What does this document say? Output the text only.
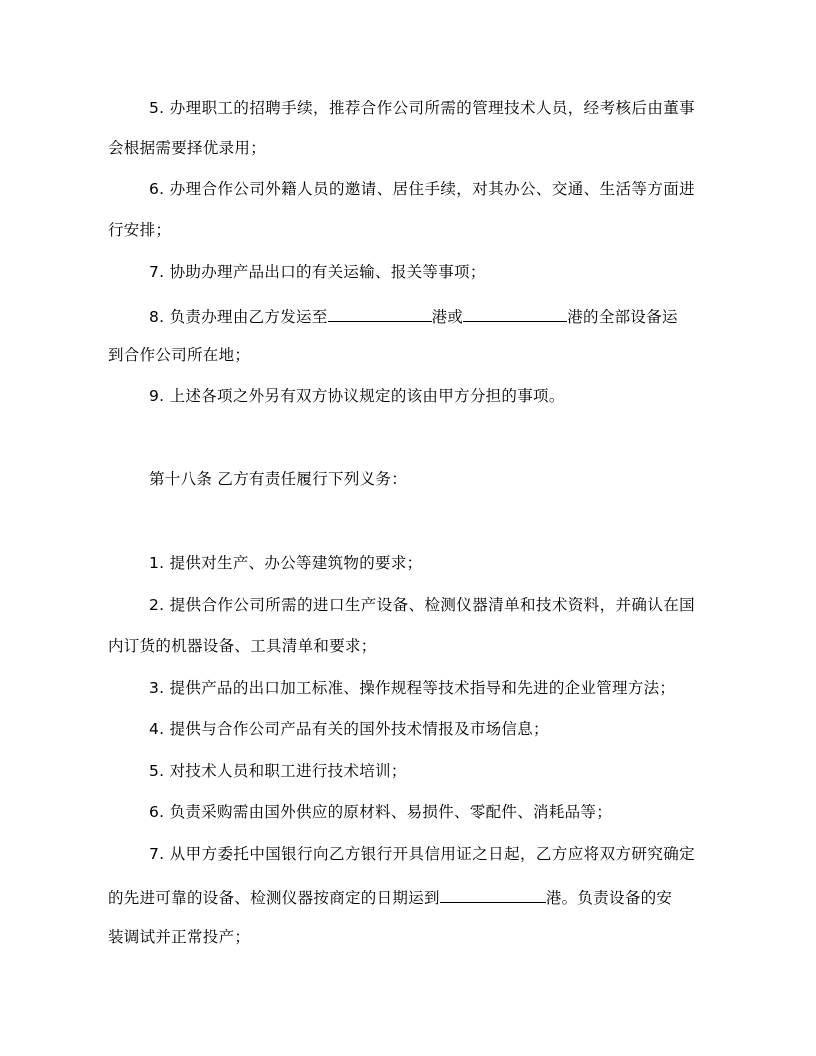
5. 办理职工的招聘手续，推荐合作公司所需的管理技术人员，经考核后由董事
会根据需要择优录用；
6. 办理合作公司外籍人员的邀请、居住手续，对其办公、交通、生活等方面进
行安排；
7. 协助办理产品出口的有关运输、报关等事项；
8. 负责办理由乙方发运至	港或	港的全部设备运
到合作公司所在地；
9. 上述各项之外另有双方协议规定的该由甲方分担的事项。
第十八条 乙方有责任履行下列义务：
1. 提供对生产、办公等建筑物的要求；
2. 提供合作公司所需的进口生产设备、检测仪器清单和技术资料，并确认在国
内订货的机器设备、工具清单和要求；
3. 提供产品的出口加工标准、操作规程等技术指导和先进的企业管理方法；
4. 提供与合作公司产品有关的国外技术情报及市场信息；
5. 对技术人员和职工进行技术培训；
6. 负责采购需由国外供应的原材料、易损件、零配件、消耗品等；
7. 从甲方委托中国银行向乙方银行开具信用证之日起，乙方应将双方研究确定
的先进可靠的设备、检测仪器按商定的日期运到	港。负责设备的安
装调试并正常投产；
